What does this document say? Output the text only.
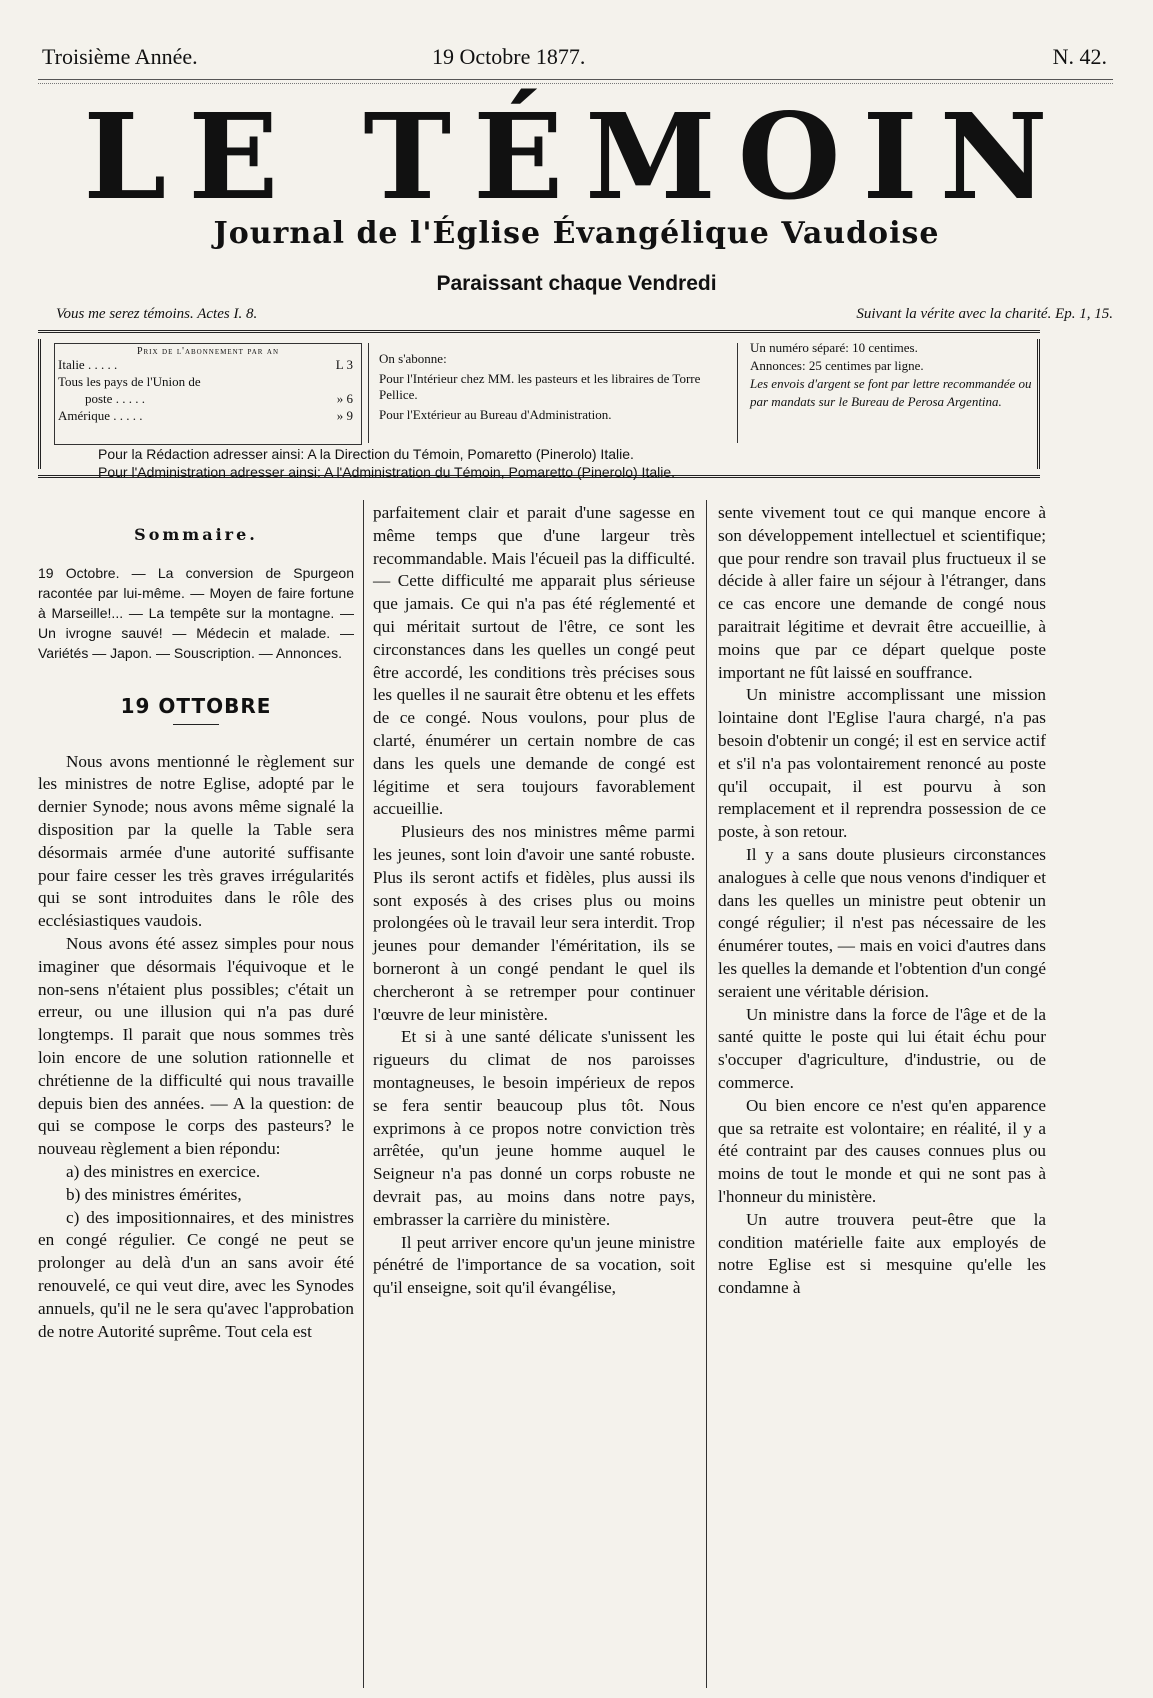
Troisième Année.	19 Octobre 1877.	N. 42.
LE TÉMOIN
Journal de l'Église Évangélique Vaudoise
Paraissant chaque Vendredi
Vous me serez témoins. Actes I. 8.	Suivant la vérite avec la charité. Ep. 1, 15.
Prix de l'abonnement par an
Italie . . . . .	L 3
Tous les pays de l'Union de
poste . . . . .	» 6
Amérique . . . . .	» 9
On s'abonne:
Pour l'Intérieur chez MM. les pasteurs et les libraires de Torre Pellice.
Pour l'Extérieur au Bureau d'Administration.
Un numéro séparé: 10 centimes.
Annonces: 25 centimes par ligne.
Les envois d'argent se font par lettre recommandée ou par mandats sur le Bureau de Perosa Argentina.
Pour la Rédaction adresser ainsi: A la Direction du Témoin, Pomaretto (Pinerolo) Italie.
Pour l'Administration adresser ainsi: A l'Administration du Témoin, Pomaretto (Pinerolo) Italie.
Sommaire.
19 Octobre. — La conversion de Spurgeon racontée par lui-même. — Moyen de faire fortune à Marseille!... — La tempête sur la montagne. — Un ivrogne sauvé! — Médecin et malade. — Variétés — Japon. — Souscription. — Annonces.
19 OTTOBRE

Nous avons mentionné le règlement sur les ministres de notre Eglise, adopté par le dernier Synode; nous avons même signalé la disposition par la quelle la Table sera désormais armée d'une autorité suffisante pour faire cesser les très graves irrégularités qui se sont introduites dans le rôle des ecclésiastiques vaudois.

Nous avons été assez simples pour nous imaginer que désormais l'équivoque et le non-sens n'étaient plus possibles; c'était un erreur, ou une illusion qui n'a pas duré longtemps. Il parait que nous sommes très loin encore de une solution rationnelle et chrétienne de la difficulté qui nous travaille depuis bien des années. — A la question: de qui se compose le corps des pasteurs? le nouveau règlement a bien répondu:

a) des ministres en exercice.

b) des ministres émérites,

c) des impositionnaires, et des ministres en congé régulier. Ce congé ne peut se prolonger au delà d'un an sans avoir été renouvelé, ce qui veut dire, avec les Synodes annuels, qu'il ne le sera qu'avec l'approbation de notre Autorité suprême. Tout cela est

parfaitement clair et parait d'une sagesse en même temps que d'une largeur très recommandable. Mais l'écueil pas la difficulté. — Cette difficulté me apparait plus sérieuse que jamais. Ce qui n'a pas été réglementé et qui méritait surtout de l'être, ce sont les circonstances dans les quelles un congé peut être accordé, les conditions très précises sous les quelles il ne saurait être obtenu et les effets de ce congé. Nous voulons, pour plus de clarté, énumérer un certain nombre de cas dans les quels une demande de congé est légitime et sera toujours favorablement accueillie.

Plusieurs des nos ministres même parmi les jeunes, sont loin d'avoir une santé robuste. Plus ils seront actifs et fidèles, plus aussi ils sont exposés à des crises plus ou moins prolongées où le travail leur sera interdit. Trop jeunes pour demander l'éméritation, ils se borneront à un congé pendant le quel ils chercheront à se retremper pour continuer l'œuvre de leur ministère.

Et si à une santé délicate s'unissent les rigueurs du climat de nos paroisses montagneuses, le besoin impérieux de repos se fera sentir beaucoup plus tôt. Nous exprimons à ce propos notre conviction très arrêtée, qu'un jeune homme auquel le Seigneur n'a pas donné un corps robuste ne devrait pas, au moins dans notre pays, embrasser la carrière du ministère.

Il peut arriver encore qu'un jeune ministre pénétré de l'importance de sa vocation, soit qu'il enseigne, soit qu'il évangélise,

sente vivement tout ce qui manque encore à son développement intellectuel et scientifique; que pour rendre son travail plus fructueux il se décide à aller faire un séjour à l'étranger, dans ce cas encore une demande de congé nous paraitrait légitime et devrait être accueillie, à moins que par ce départ quelque poste important ne fût laissé en souffrance.

Un ministre accomplissant une mission lointaine dont l'Eglise l'aura chargé, n'a pas besoin d'obtenir un congé; il est en service actif et s'il n'a pas volontairement renoncé au poste qu'il occupait, il est pourvu à son remplacement et il reprendra possession de ce poste, à son retour.

Il y a sans doute plusieurs circonstances analogues à celle que nous venons d'indiquer et dans les quelles un ministre peut obtenir un congé régulier; il n'est pas nécessaire de les énumérer toutes, — mais en voici d'autres dans les quelles la demande et l'obtention d'un congé seraient une véritable dérision.

Un ministre dans la force de l'âge et de la santé quitte le poste qui lui était échu pour s'occuper d'agriculture, d'industrie, ou de commerce.

Ou bien encore ce n'est qu'en apparence que sa retraite est volontaire; en réalité, il y a été contraint par des causes connues plus ou moins de tout le monde et qui ne sont pas à l'honneur du ministère.

Un autre trouvera peut-être que la condition matérielle faite aux employés de notre Eglise est si mesquine qu'elle les condamne à
